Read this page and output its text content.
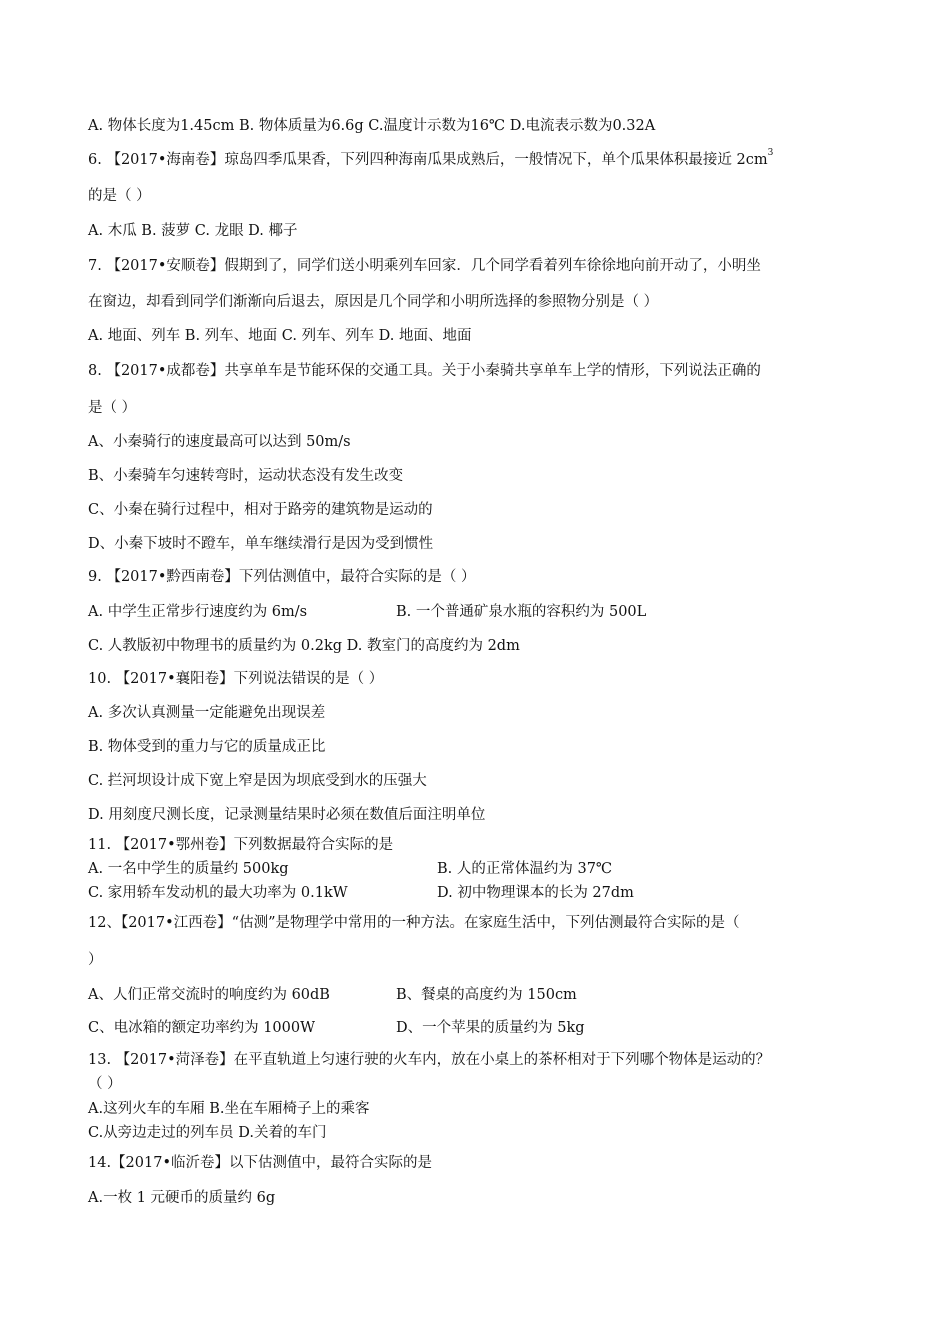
A. 物体长度为1.45cm B. 物体质量为6.6g C.温度计示数为16℃ D.电流表示数为0.32A
6. 【2017•海南卷】琼岛四季瓜果香，下列四种海南瓜果成熟后，一般情况下，单个瓜果体积最接近 $2cm^3$
的是（ ）
A. 木瓜 B. 菠萝 C. 龙眼 D. 椰子
7. 【2017•安顺卷】假期到了，同学们送小明乘列车回家．几个同学看着列车徐徐地向前开动了，小明坐
在窗边，却看到同学们渐渐向后退去，原因是几个同学和小明所选择的参照物分别是（ ）
A. 地面、列车 B. 列车、地面 C. 列车、列车 D. 地面、地面
8. 【2017•成都卷】共享单车是节能环保的交通工具。关于小秦骑共享单车上学的情形，下列说法正确的
是（ ）
A、小秦骑行的速度最高可以达到 50m/s
B、小秦骑车匀速转弯时，运动状态没有发生改变
C、小秦在骑行过程中，相对于路旁的建筑物是运动的
D、小秦下坡时不蹬车，单车继续滑行是因为受到惯性
9. 【2017•黔西南卷】下列估测值中，最符合实际的是（ ）
A. 中学生正常步行速度约为 6m/s	B. 一个普通矿泉水瓶的容积约为 500L
C. 人教版初中物理书的质量约为 0.2kg D. 教室门的高度约为 2dm
10. 【2017•襄阳卷】下列说法错误的是（ ）
A. 多次认真测量一定能避免出现误差
B. 物体受到的重力与它的质量成正比
C. 拦河坝设计成下宽上窄是因为坝底受到水的压强大
D. 用刻度尺测长度，记录测量结果时必须在数值后面注明单位
11. 【2017•鄂州卷】下列数据最符合实际的是
A. 一名中学生的质量约 500kg	B. 人的正常体温约为 37℃
C. 家用轿车发动机的最大功率为 0.1kW	D. 初中物理课本的长为 27dm
12、【2017•江西卷】“估测”是物理学中常用的一种方法。在家庭生活中，下列估测最符合实际的是（
）
A、人们正常交流时的响度约为 60dB	B、餐桌的高度约为 150cm
C、电冰箱的额定功率约为 1000W	D、一个苹果的质量约为 5kg
13. 【2017•菏泽卷】在平直轨道上匀速行驶的火车内，放在小桌上的茶杯相对于下列哪个物体是运动的？
（ ）
A.这列火车的车厢 B.坐在车厢椅子上的乘客
C.从旁边走过的列车员 D.关着的车门
14.【2017•临沂卷】以下估测值中，最符合实际的是
A.一枚 1 元硬币的质量约 6g
